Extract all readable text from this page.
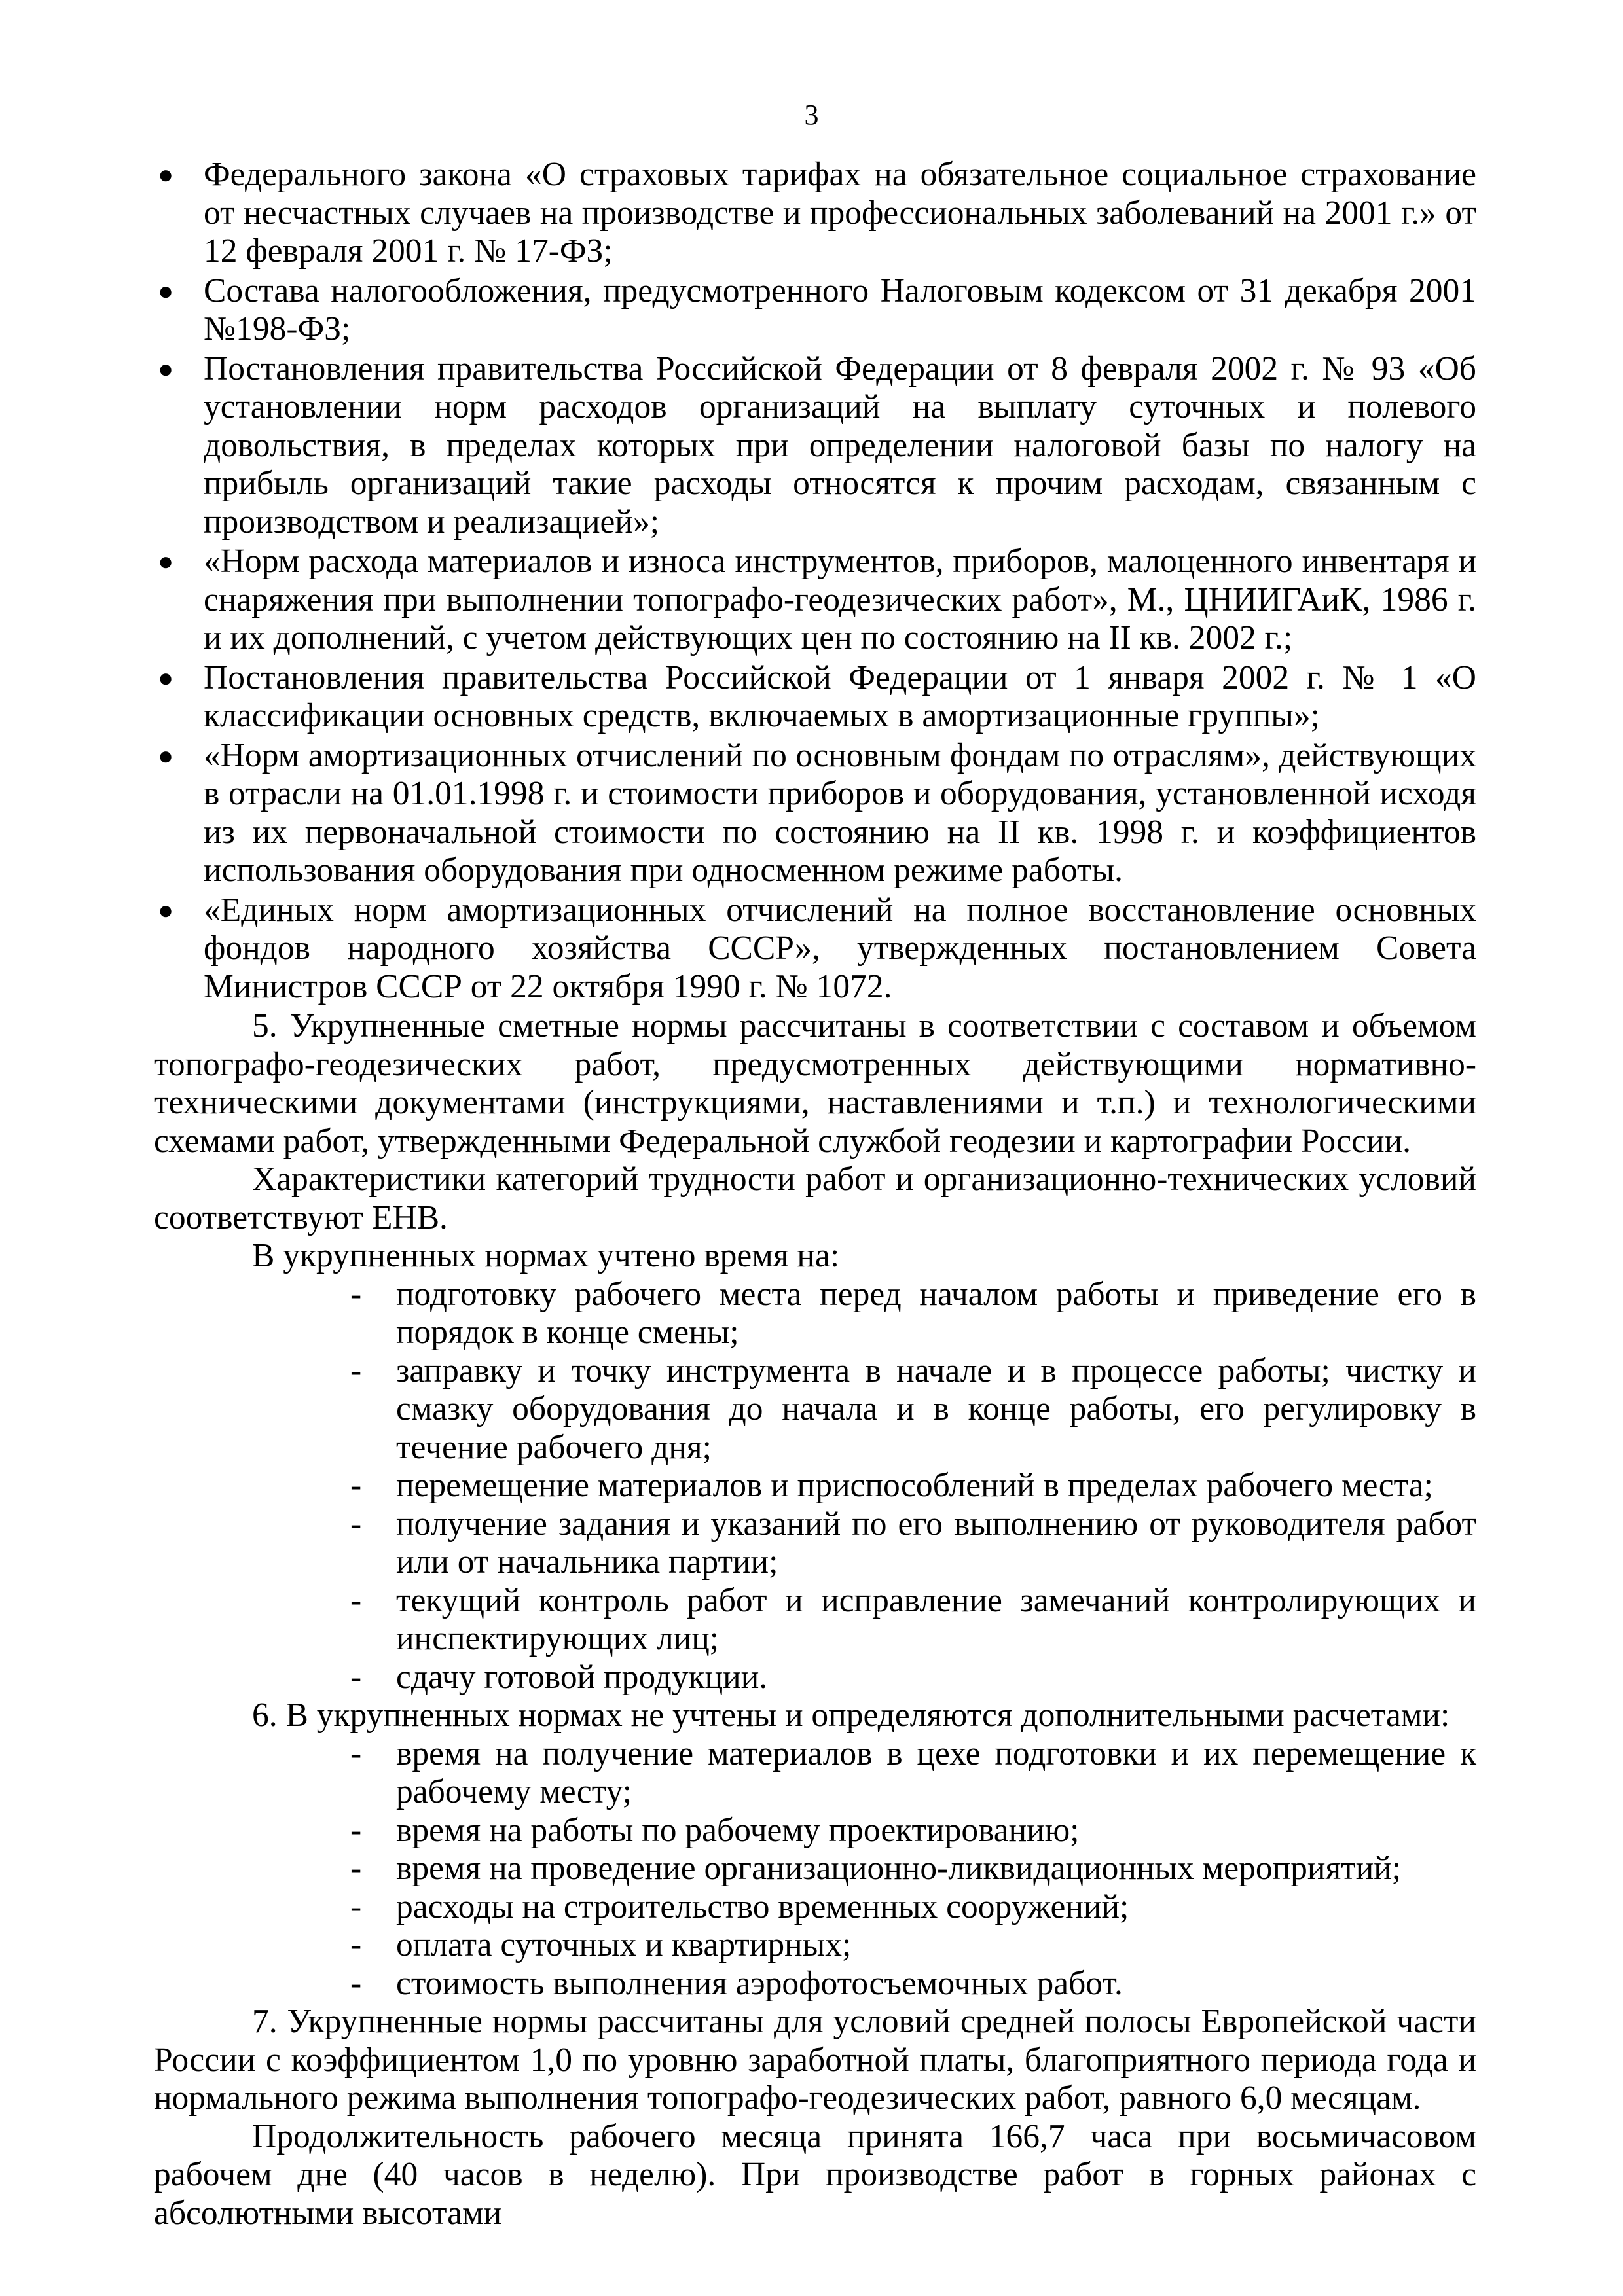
3
● Федерального закона «О страховых тарифах на обязательное социальное страхование от несчастных случаев на производстве и профессиональных заболеваний на 2001 г.» от 12 февраля 2001 г. № 17-ФЗ;
● Состава налогообложения, предусмотренного Налоговым кодексом от 31 декабря 2001 №198-ФЗ;
● Постановления правительства Российской Федерации от 8 февраля 2002 г. № 93 «Об установлении норм расходов организаций на выплату суточных и полевого довольствия, в пределах которых при определении налоговой базы по налогу на прибыль организаций такие расходы относятся к прочим расходам, связанным с производством и реализацией»;
● «Норм расхода материалов и износа инструментов, приборов, малоценного инвентаря и снаряжения при выполнении топографо-геодезических работ», М., ЦНИИГАиК, 1986 г. и их дополнений, с учетом действующих цен по состоянию на II кв. 2002 г.;
● Постановления правительства Российской Федерации от 1 января 2002 г. № 1 «О классификации основных средств, включаемых в амортизационные группы»;
● «Норм амортизационных отчислений по основным фондам по отраслям», действующих в отрасли на 01.01.1998 г. и стоимости приборов и оборудования, установленной исходя из их первоначальной стоимости по состоянию на II кв. 1998 г. и коэффициентов использования оборудования при односменном режиме работы.
● «Единых норм амортизационных отчислений на полное восстановление основных фондов народного хозяйства СССР», утвержденных постановлением Совета Министров СССР от 22 октября 1990 г. № 1072.

5. Укрупненные сметные нормы рассчитаны в соответствии с составом и объемом топографо-геодезических работ, предусмотренных действующими нормативно-техническими документами (инструкциями, наставлениями и т.п.) и технологическими схемами работ, утвержденными Федеральной службой геодезии и картографии России.

Характеристики категорий трудности работ и организационно-технических условий соответствуют ЕНВ.

В укрупненных нормах учтено время на:

- подготовку рабочего места перед началом работы и приведение его в порядок в конце смены;
- заправку и точку инструмента в начале и в процессе работы; чистку и смазку оборудования до начала и в конце работы, его регулировку в течение рабочего дня;
- перемещение материалов и приспособлений в пределах рабочего места;
- получение задания и указаний по его выполнению от руководителя работ или от начальника партии;
- текущий контроль работ и исправление замечаний контролирующих и инспектирующих лиц;
- сдачу готовой продукции.

6. В укрупненных нормах не учтены и определяются дополнительными расчетами:

- время на получение материалов в цехе подготовки и их перемещение к рабочему месту;
- время на работы по рабочему проектированию;
- время на проведение организационно-ликвидационных мероприятий;
- расходы на строительство временных сооружений;
- оплата суточных и квартирных;
- стоимость выполнения аэрофотосъемочных работ.

7. Укрупненные нормы рассчитаны для условий средней полосы Европейской части России с коэффициентом 1,0 по уровню заработной платы, благоприятного периода года и нормального режима выполнения топографо-геодезических работ, равного 6,0 месяцам.

Продолжительность рабочего месяца принята 166,7 часа при восьмичасовом рабочем дне (40 часов в неделю). При производстве работ в горных районах с абсолютными высотами
